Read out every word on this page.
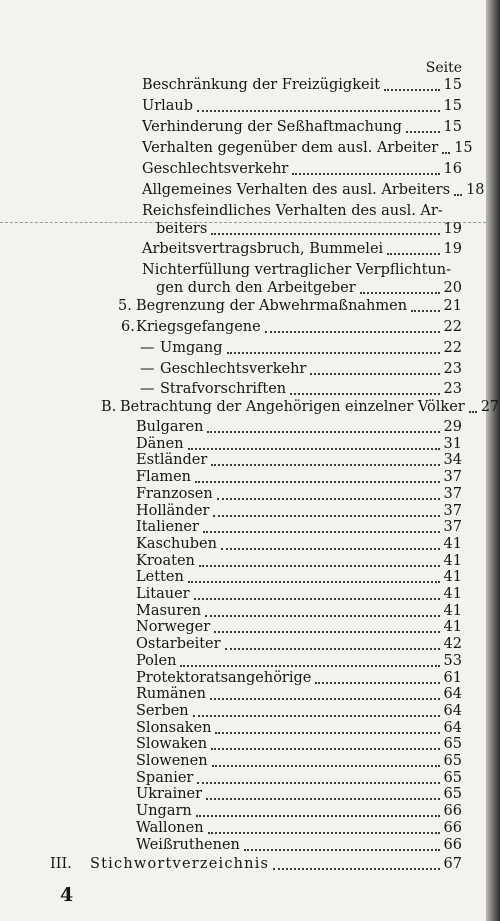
Seite
Beschränkung der Freizügigkeit	15
Urlaub	15
Verhinderung der Seßhaftmachung	15
Verhalten gegenüber dem ausl. Arbeiter 15
Geschlechtsverkehr	16
Allgemeines Verhalten des ausl. Arbeiters 18
Reichsfeindliches Verhalten des ausl. Ar-
beiters	19
Arbeitsvertragsbruch, Bummelei	19
Nichterfüllung vertraglicher Verpflichtun-
gen durch den Arbeitgeber	20
5. Begrenzung der Abwehrmaßnahmen	21
6. Kriegsgefangene	22
— Umgang	22
— Geschlechtsverkehr	23
— Strafvorschriften	23
B. Betrachtung der Angehörigen einzelner Völker 27
Bulgaren	29
Dänen	31
Estländer	34
Flamen	37
Franzosen	37
Holländer	37
Italiener	37
Kaschuben	41
Kroaten	41
Letten	41
Litauer	41
Masuren	41
Norweger	41
Ostarbeiter	42
Polen	53
Protektoratsangehörige	61
Rumänen	64
Serben	64
Slonsaken	64
Slowaken	65
Slowenen	65
Spanier	65
Ukrainer	65
Ungarn	66
Wallonen	66
Weißruthenen	66
III. Stichwortverzeichnis	67
4
